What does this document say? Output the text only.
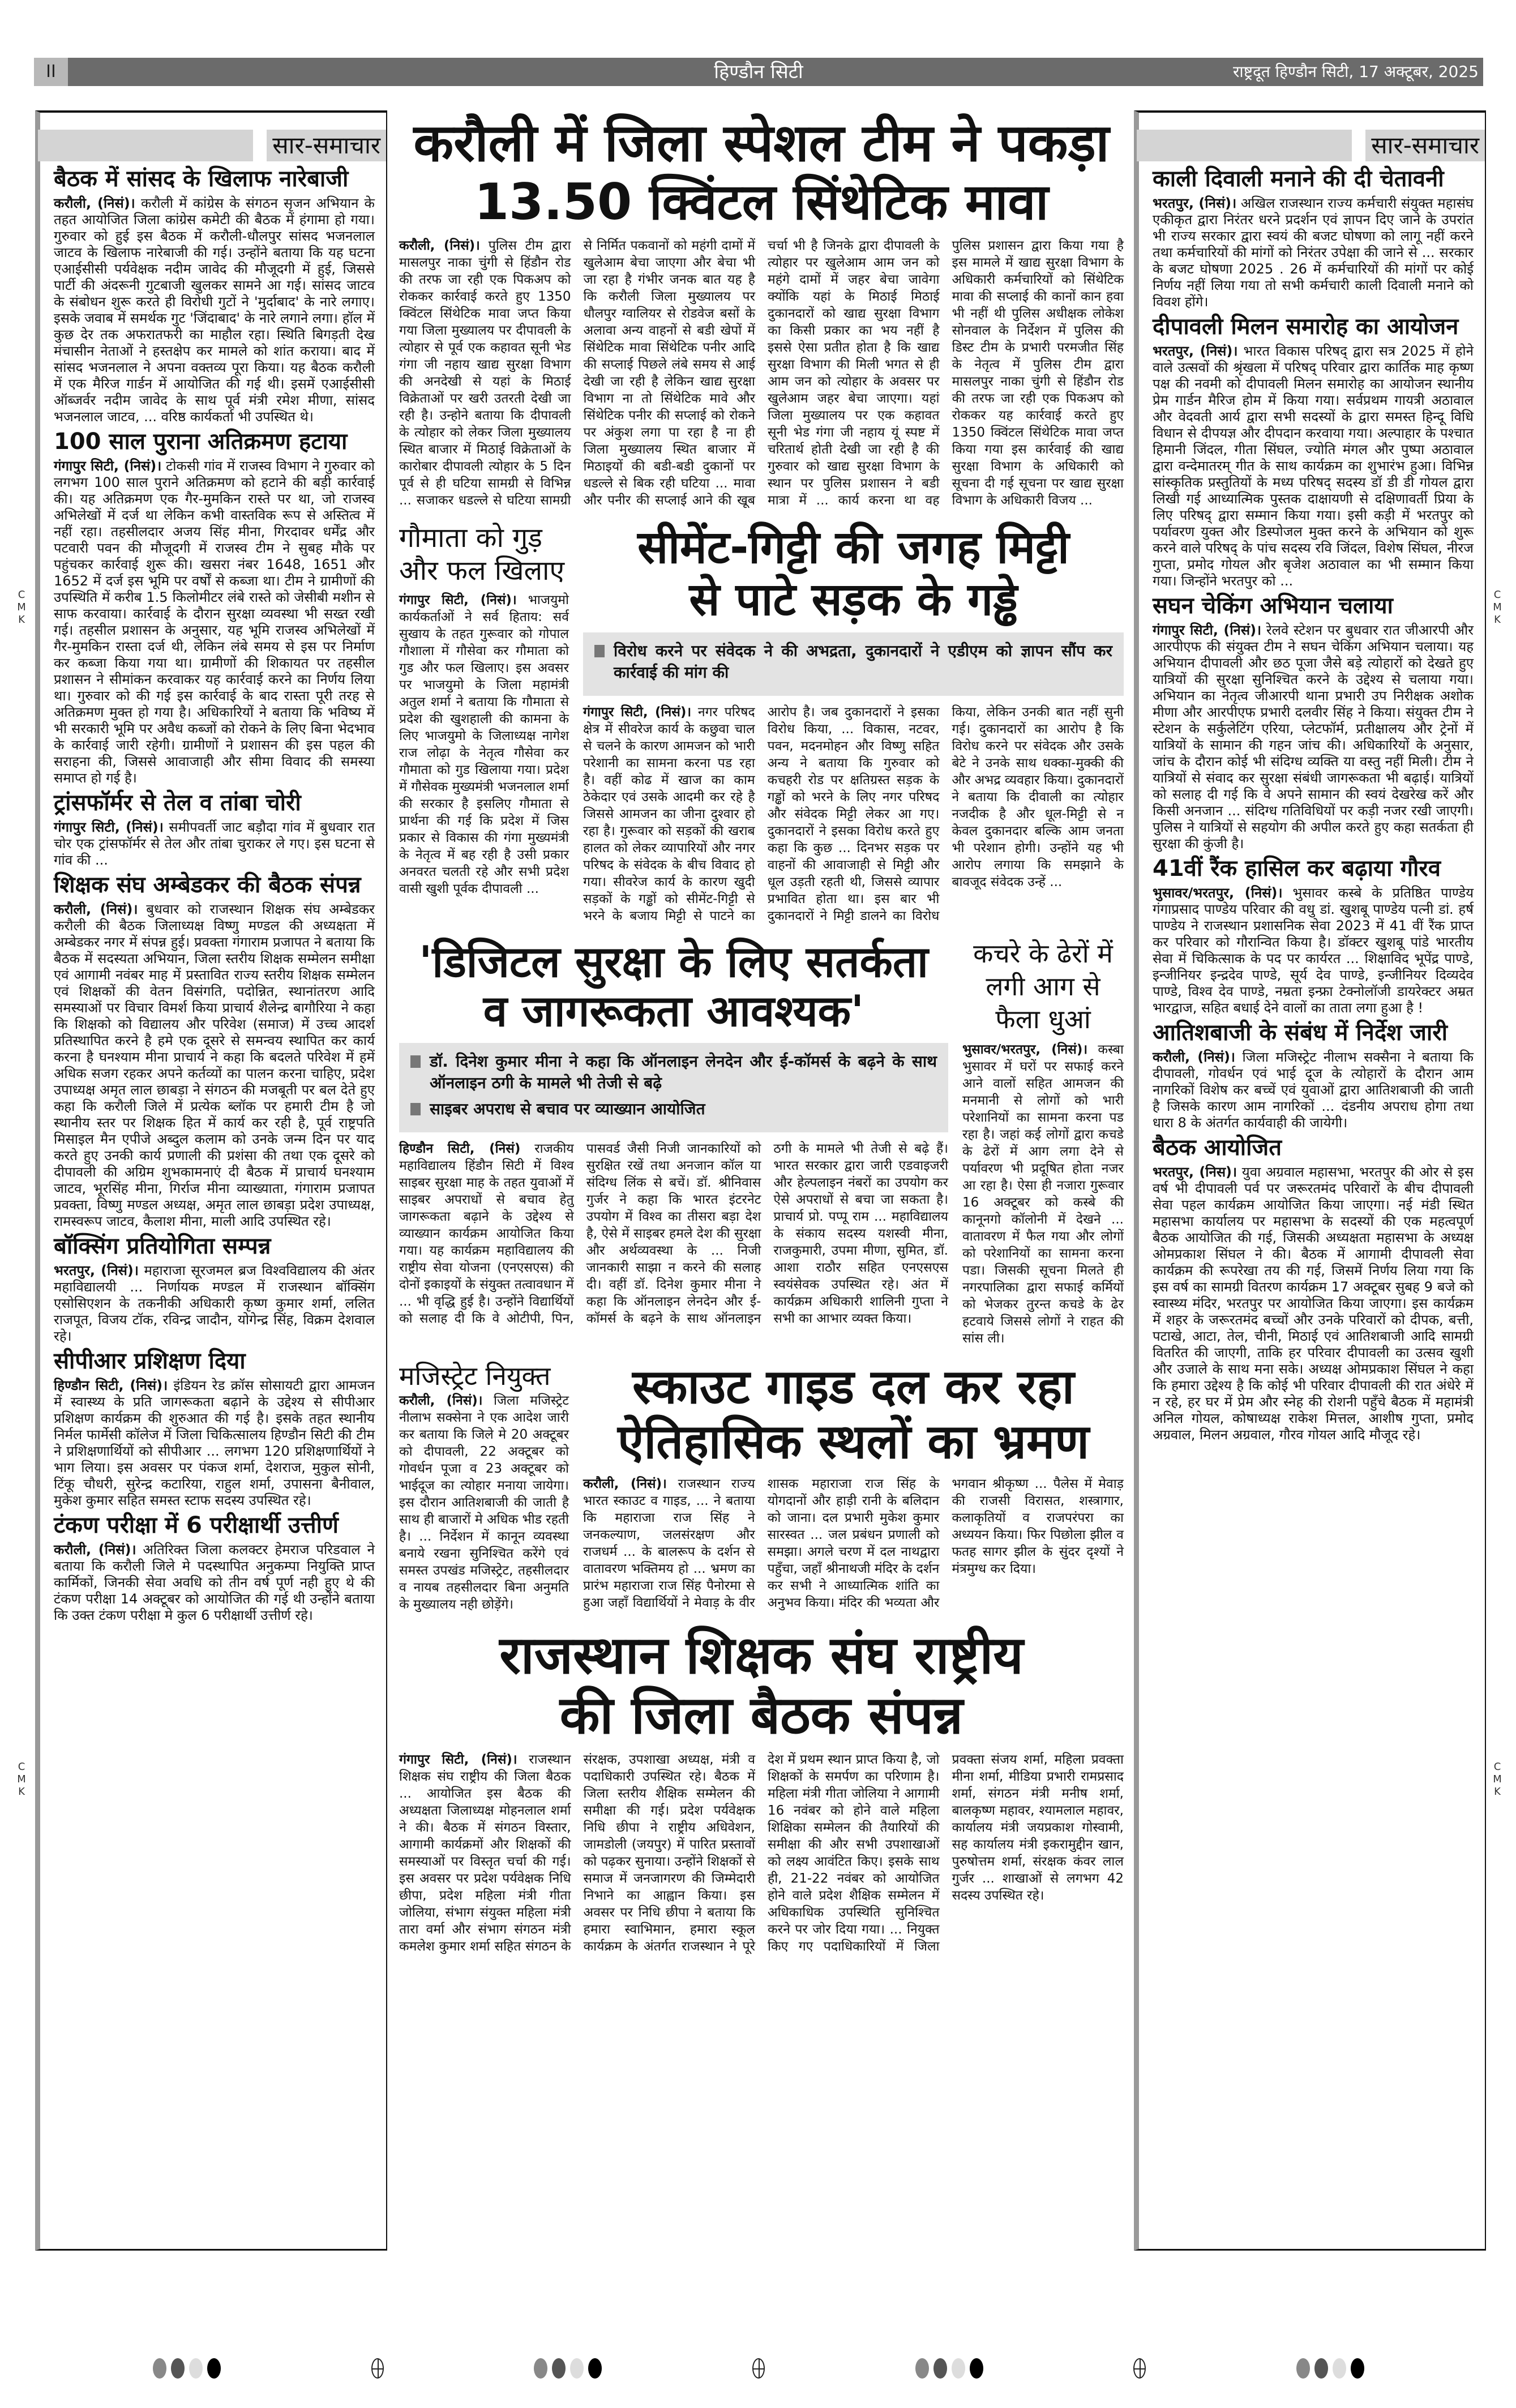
II	हिण्डौन सिटी	राष्ट्रदूत हिण्डौन सिटी, 17 अक्टूबर, 2025
सार-समाचार
बैठक में सांसद के खिलाफ नारेबाजी

करौली, (निसं)। करौली में कांग्रेस के संगठन सृजन अभियान के तहत आयोजित जिला कांग्रेस कमेटी की बैठक में हंगामा हो गया। गुरुवार को हुई इस बैठक में करौली-धौलपुर सांसद भजनलाल जाटव के खिलाफ नारेबाजी की गई। उन्होंने बताया कि यह घटना एआईसीसी पर्यवेक्षक नदीम जावेद की मौजूदगी में हुई, जिससे पार्टी की अंदरूनी गुटबाजी खुलकर सामने आ गई। सांसद जाटव के संबोधन शुरू करते ही विरोधी गुटों ने 'मुर्दाबाद' के नारे लगाए। इसके जवाब में समर्थक गुट 'जिंदाबाद' के नारे लगाने लगा। हॉल में कुछ देर तक अफरातफरी का माहौल रहा। स्थिति बिगड़ती देख मंचासीन नेताओं ने हस्तक्षेप कर मामले को शांत कराया। बाद में सांसद भजनलाल ने अपना वक्तव्य पूरा किया। यह बैठक करौली में एक मैरिज गार्डन में आयोजित की गई थी। इसमें एआईसीसी ऑब्जर्वर नदीम जावेद के साथ पूर्व मंत्री रमेश मीणा, सांसद भजनलाल जाटव, ... वरिष्ठ कार्यकर्ता भी उपस्थित थे।

100 साल पुराना अतिक्रमण हटाया

गंगापुर सिटी, (निसं)। टोकसी गांव में राजस्व विभाग ने गुरुवार को लगभग 100 साल पुराने अतिक्रमण को हटाने की बड़ी कार्रवाई की। यह अतिक्रमण एक गैर-मुमकिन रास्ते पर था, जो राजस्व अभिलेखों में दर्ज था लेकिन कभी वास्तविक रूप से अस्तित्व में नहीं रहा। तहसीलदार अजय सिंह मीना, गिरदावर धर्मेंद्र और पटवारी पवन की मौजूदगी में राजस्व टीम ने सुबह मौके पर पहुंचकर कार्रवाई शुरू की। खसरा नंबर 1648, 1651 और 1652 में दर्ज इस भूमि पर वर्षों से कब्जा था। टीम ने ग्रामीणों की उपस्थिति में करीब 1.5 किलोमीटर लंबे रास्ते को जेसीबी मशीन से साफ करवाया। कार्रवाई के दौरान सुरक्षा व्यवस्था भी सख्त रखी गई। तहसील प्रशासन के अनुसार, यह भूमि राजस्व अभिलेखों में गैर-मुमकिन रास्ता दर्ज थी, लेकिन लंबे समय से इस पर निर्माण कर कब्जा किया गया था। ग्रामीणों की शिकायत पर तहसील प्रशासन ने सीमांकन करवाकर यह कार्रवाई करने का निर्णय लिया था। गुरुवार को की गई इस कार्रवाई के बाद रास्ता पूरी तरह से अतिक्रमण मुक्त हो गया है। अधिकारियों ने बताया कि भविष्य में भी सरकारी भूमि पर अवैध कब्जों को रोकने के लिए बिना भेदभाव के कार्रवाई जारी रहेगी। ग्रामीणों ने प्रशासन की इस पहल की सराहना की, जिससे आवाजाही और सीमा विवाद की समस्या समाप्त हो गई है।

ट्रांसफॉर्मर से तेल व तांबा चोरी

गंगापुर सिटी, (निसं)। समीपवर्ती जाट बड़ौदा गांव में बुधवार रात चोर एक ट्रांसफॉर्मर से तेल और तांबा चुराकर ले गए। इस घटना से गांव की ...

शिक्षक संघ अम्बेडकर की बैठक संपन्न

करौली, (निसं)। बुधवार को राजस्थान शिक्षक संघ अम्बेडकर करौली की बैठक जिलाध्यक्ष विष्णु मण्डल की अध्यक्षता में अम्बेडकर नगर में संपन्न हुई। प्रवक्ता गंगाराम प्रजापत ने बताया कि बैठक में सदस्यता अभियान, जिला स्तरीय शिक्षक सम्मेलन समीक्षा एवं आगामी नवंबर माह में प्रस्तावित राज्य स्तरीय शिक्षक सम्मेलन एवं शिक्षकों की वेतन विसंगति, पदोन्नित, स्थानांतरण आदि समस्याओं पर विचार विमर्श किया प्राचार्य शैलेन्द्र बागौरिया ने कहा कि शिक्षको को विद्यालय और परिवेश (समाज) में उच्च आदर्श प्रतिस्थापित करने है हमे एक दूसरे से समन्वय स्थापित कर कार्य करना है घनश्याम मीना प्राचार्य ने कहा कि बदलते परिवेश में हमें अधिक सजग रहकर अपने कर्तव्यों का पालन करना चाहिए, प्रदेश उपाध्यक्ष अमृत लाल छाबड़ा ने संगठन की मजबूती पर बल देते हुए कहा कि करौली जिले में प्रत्येक ब्लॉक पर हमारी टीम है जो स्थानीय स्तर पर शिक्षक हित में कार्य कर रही है, पूर्व राष्ट्रपति मिसाइल मैन एपीजे अब्दुल कलाम को उनके जन्म दिन पर याद करते हुए उनकी कार्य प्रणाली की प्रशंसा की तथा एक दूसरे को दीपावली की अग्रिम शुभकामनाएं दी बैठक में प्राचार्य घनश्याम जाटव, भूरसिंह मीना, गिर्राज मीना व्याख्याता, गंगाराम प्रजापत प्रवक्ता, विष्णु मण्डल अध्यक्ष, अमृत लाल छाबड़ा प्रदेश उपाध्यक्ष, रामस्वरूप जाटव, कैलाश मीना, माली आदि उपस्थित रहे।

बॉक्सिंग प्रतियोगिता सम्पन्न

भरतपुर, (निसं)। महाराजा सूरजमल ब्रज विश्वविद्यालय की अंतर महाविद्यालयी ... निर्णायक मण्डल में राजस्थान बॉक्सिंग एसोसिएशन के तकनीकी अधिकारी कृष्ण कुमार शर्मा, ललित राजपूत, विजय टॉक, रविन्द्र जादौन, योगेन्द्र सिंह, विक्रम देशवाल रहे।

सीपीआर प्रशिक्षण दिया

हिण्डौन सिटी, (निसं)। इंडियन रेड क्रॉस सोसायटी द्वारा आमजन में स्वास्थ्य के प्रति जागरूकता बढ़ाने के उद्देश्य से सीपीआर प्रशिक्षण कार्यक्रम की शुरुआत की गई है। इसके तहत स्थानीय निर्मल फार्मेसी कॉलेज में जिला चिकित्सालय हिण्डौन सिटी की टीम ने प्रशिक्षणार्थियों को सीपीआर ... लगभग 120 प्रशिक्षणार्थियों ने भाग लिया। इस अवसर पर पंकज शर्मा, देशराज, मुकुल सोनी, टिंकू चौधरी, सुरेन्द्र कटारिया, राहुल शर्मा, उपासना बैनीवाल, मुकेश कुमार सहित समस्त स्टाफ सदस्य उपस्थित रहे।

टंकण परीक्षा में 6 परीक्षार्थी उत्तीर्ण

करौली, (निसं)। अतिरिक्त जिला कलक्टर हेमराज परिडवाल ने बताया कि करौली जिले मे पदस्थापित अनुकम्पा नियुक्ति प्राप्त कार्मिकों, जिनकी सेवा अवधि को तीन वर्ष पूर्ण नही हुए थे की टंकण परीक्षा 14 अक्टूबर को आयोजित की गई थी उन्होंने बताया कि उक्त टंकण परीक्षा मे कुल 6 परीक्षार्थी उत्तीर्ण रहे।

सार-समाचार
काली दिवाली मनाने की दी चेतावनी

भरतपुर, (निसं)। अखिल राजस्थान राज्य कर्मचारी संयुक्त महासंघ एकीकृत द्वारा निरंतर धरने प्रदर्शन एवं ज्ञापन दिए जाने के उपरांत भी राज्य सरकार द्वारा स्वयं की बजट घोषणा को लागू नहीं करने तथा कर्मचारियों की मांगों को निरंतर उपेक्षा की जाने से ... सरकार के बजट घोषणा 2025 . 26 में कर्मचारियों की मांगों पर कोई निर्णय नहीं लिया गया तो सभी कर्मचारी काली दिवाली मनाने को विवश होंगे।

दीपावली मिलन समारोह का आयोजन

भरतपुर, (निसं)। भारत विकास परिषद् द्वारा सत्र 2025 में होने वाले उत्सवों की श्रृंखला में परिषद् परिवार द्वारा कार्तिक माह कृष्ण पक्ष की नवमी को दीपावली मिलन समारोह का आयोजन स्थानीय प्रेम गार्डन मैरिज होम में किया गया। सर्वप्रथम गायत्री अठावाल और वेदवती आर्य द्वारा सभी सदस्यों के द्वारा समस्त हिन्दू विधि विधान से दीपयज्ञ और दीपदान करवाया गया। अल्पाहार के पश्चात हिमानी जिंदल, गीता सिंघल, ज्योति मंगल और पुष्पा अठावाल द्वारा वन्देमातरम् गीत के साथ कार्यक्रम का शुभारंभ हुआ। विभिन्न सांस्कृतिक प्रस्तुतियों के मध्य परिषद् सदस्य डॉ डी डी गोयल द्वारा लिखी गई आध्यात्मिक पुस्तक दाक्षायणी से दक्षिणावर्ती प्रिया के लिए परिषद् द्वारा सम्मान किया गया। इसी कड़ी में भरतपुर को पर्यावरण युक्त और डिस्पोजल मुक्त करने के अभियान को शुरू करने वाले परिषद् के पांच सदस्य रवि जिंदल, विशेष सिंघल, नीरज गुप्ता, प्रमोद गोयल और बृजेश अठावाल का भी सम्मान किया गया। जिन्होंने भरतपुर को ...

सघन चेकिंग अभियान चलाया

गंगापुर सिटी, (निसं)। रेलवे स्टेशन पर बुधवार रात जीआरपी और आरपीएफ की संयुक्त टीम ने सघन चेकिंग अभियान चलाया। यह अभियान दीपावली और छठ पूजा जैसे बड़े त्योहारों को देखते हुए यात्रियों की सुरक्षा सुनिश्चित करने के उद्देश्य से चलाया गया। अभियान का नेतृत्व जीआरपी थाना प्रभारी उप निरीक्षक अशोक मीणा और आरपीएफ प्रभारी दलवीर सिंह ने किया। संयुक्त टीम ने स्टेशन के सर्कुलेटिंग एरिया, प्लेटफॉर्म, प्रतीक्षालय और ट्रेनों में यात्रियों के सामान की गहन जांच की। अधिकारियों के अनुसार, जांच के दौरान कोई भी संदिग्ध व्यक्ति या वस्तु नहीं मिली। टीम ने यात्रियों से संवाद कर सुरक्षा संबंधी जागरूकता भी बढ़ाई। यात्रियों को सलाह दी गई कि वे अपने सामान की स्वयं देखरेख करें और किसी अनजान ... संदिग्ध गतिविधियों पर कड़ी नजर रखी जाएगी। पुलिस ने यात्रियों से सहयोग की अपील करते हुए कहा सतर्कता ही सुरक्षा की कुंजी है।

41वीं रैंक हासिल कर बढ़ाया गौरव

भुसावर/भरतपुर, (निसं)। भुसावर कस्बे के प्रतिष्ठित पाण्डेय गंगाप्रसाद पाण्डेय परिवार की वधु डां. खुशबू पाण्डेय पत्नी डां. हर्ष पाण्डेय ने राजस्थान प्रशासनिक सेवा 2023 में 41 वीं रैंक प्राप्त कर परिवार को गौरान्वित किया है। डॉक्टर खुशबू पांडे भारतीय सेवा में चिकित्साक के पद पर कार्यरत ... शिक्षाविद भूपेंद्र पाण्डे, इन्जीनियर इन्द्रदेव पाण्डे, सूर्य देव पाण्डे, इन्जीनियर दिव्यदेव पाण्डे, विश्व देव पाण्डे, नम्रता इन्फ्रा टेक्नोलॉजी डायरेक्टर अम्रत भारद्वाज, सहित बधाई देने वालों का ताता लगा हुआ है !

आतिशबाजी के संबंध में निर्देश जारी

करौली, (निसं)। जिला मजिस्ट्रेट नीलाभ सक्सैना ने बताया कि दीपावली, गोवर्धन एवं भाई दूज के त्योहारों के दौरान आम नागरिकों विशेष कर बच्चें एवं युवाओं द्वारा आतिशबाजी की जाती है जिसके कारण आम नागरिकों ... दंडनीय अपराध होगा तथा धारा 8 के अंतर्गत कार्यवाही की जायेगी।

बैठक आयोजित

भरतपुर, (निस)। युवा अग्रवाल महासभा, भरतपुर की ओर से इस वर्ष भी दीपावली पर्व पर जरूरतमंद परिवारों के बीच दीपावली सेवा पहल कार्यक्रम आयोजित किया जाएगा। नई मंडी स्थित महासभा कार्यालय पर महासभा के सदस्यों की एक महत्वपूर्ण बैठक आयोजित की गई, जिसकी अध्यक्षता महासभा के अध्यक्ष ओमप्रकाश सिंघल ने की। बैठक में आगामी दीपावली सेवा कार्यक्रम की रूपरेखा तय की गई, जिसमें निर्णय लिया गया कि इस वर्ष का सामग्री वितरण कार्यक्रम 17 अक्टूबर सुबह 9 बजे को स्वास्थ्य मंदिर, भरतपुर पर आयोजित किया जाएगा। इस कार्यक्रम में शहर के जरूरतमंद बच्चों और उनके परिवारों को दीपक, बत्ती, पटाखे, आटा, तेल, चीनी, मिठाई एवं आतिशबाजी आदि सामग्री वितरित की जाएगी, ताकि हर परिवार दीपावली का उत्सव खुशी और उजाले के साथ मना सके। अध्यक्ष ओमप्रकाश सिंघल ने कहा कि हमारा उद्देश्य है कि कोई भी परिवार दीपावली की रात अंधेरे में न रहे, हर घर में प्रेम और स्नेह की रोशनी पहुँचे बैठक में महामंत्री अनिल गोयल, कोषाध्यक्ष राकेश मित्तल, आशीष गुप्ता, प्रमोद अग्रवाल, मिलन अग्रवाल, गौरव गोयल आदि मौजूद रहे।

करौली में जिला स्पेशल टीम ने पकड़ा
13.50 क्विंटल सिंथेटिक मावा
करौली, (निसं)। पुलिस टीम द्वारा मासलपुर नाका चुंगी से हिंडौन रोड की तरफ जा रही एक पिकअप को रोककर कार्रवाई करते हुए 1350 क्विंटल सिंथेटिक मावा जप्त किया गया जिला मुख्यालय पर दीपावली के त्योहार से पूर्व एक कहावत सूनी भेड गंगा जी नहाय खाद्य सुरक्षा विभाग की अनदेखी से यहां के मिठाई विक्रेताओं पर खरी उतरती देखी जा रही है। उन्होने बताया कि दीपावली के त्योहार को लेकर जिला मुख्यालय स्थित बाजार में मिठाई विक्रेताओं के कारोबार दीपावली त्योहार के 5 दिन पूर्व से ही घटिया सामग्री से विभिन्न ... सजाकर धडल्ले से घटिया सामग्री से निर्मित पकवानों को महंगी दामों में खुलेआम बेचा जाएगा और बेचा भी जा रहा है गंभीर जनक बात यह है कि करौली जिला मुख्यालय पर धौलपुर ग्वालियर से रोडवेज बसों के अलावा अन्य वाहनों से बडी खेपों में सिंथेटिक मावा सिंथेटिक पनीर आदि की सप्लाई पिछले लंबे समय से आई देखी जा रही है लेकिन खाद्य सुरक्षा विभाग ना तो सिंथेटिक मावे और सिंथेटिक पनीर की सप्लाई को रोकने पर अंकुश लगा पा रहा है ना ही जिला मुख्यालय स्थित बाजार में मिठाइयों की बडी-बडी दुकानों पर धडल्ले से बिक रही घटिया ... मावा और पनीर की सप्लाई आने की खूब चर्चा भी है जिनके द्वारा दीपावली के त्योहार पर खुलेआम आम जन को महंगे दामों में जहर बेचा जावेगा क्योंकि यहां के मिठाई मिठाई दुकानदारों को खाद्य सुरक्षा विभाग का किसी प्रकार का भय नहीं है इससे ऐसा प्रतीत होता है कि खाद्य सुरक्षा विभाग की मिली भगत से ही आम जन को त्योहार के अवसर पर खुलेआम जहर बेचा जाएगा। यहां जिला मुख्यालय पर एक कहावत सूनी भेड गंगा जी नहाय यूं स्पष्ट में चरितार्थ होती देखी जा रही है की गुरुवार को खाद्य सुरक्षा विभाग के स्थान पर पुलिस प्रशासन ने बडी मात्रा में ... कार्य करना था वह पुलिस प्रशासन द्वारा किया गया है इस मामले में खाद्य सुरक्षा विभाग के अधिकारी कर्मचारियों को सिंथेटिक मावा की सप्लाई की कानों कान हवा भी नहीं थी पुलिस अधीक्षक लोकेश सोनवाल के निर्देशन में पुलिस की डिस्ट टीम के प्रभारी परमजीत सिंह के नेतृत्व में पुलिस टीम द्वारा मासलपुर नाका चुंगी से हिंडौन रोड की तरफ जा रही एक पिकअप को रोककर यह कार्रवाई करते हुए 1350 क्विंटल सिंथेटिक मावा जप्त किया गया इस कार्रवाई की खाद्य सुरक्षा विभाग के अधिकारी को सूचना दी गई सूचना पर खाद्य सुरक्षा विभाग के अधिकारी विजय ...
गौमाता को गुड़ और फल खिलाए
गंगापुर सिटी, (निसं)। भाजयुमो कार्यकर्ताओं ने सर्व हिताय: सर्व सुखाय के तहत गुरूवार को गोपाल गौशाला में गौसेवा कर गौमाता को गुड और फल खिलाए। इस अवसर पर भाजयुमो के जिला महामंत्री अतुल शर्मा ने बताया कि गौमाता से प्रदेश की खुशहाली की कामना के लिए भाजयुमो के जिलाध्यक्ष नागेश राज लोढ़ा के नेतृत्व गौसेवा कर गौमाता को गुड खिलाया गया। प्रदेश में गौसेवक मुख्यमंत्री भजनलाल शर्मा की सरकार है इसलिए गौमाता से प्रार्थना की गई कि प्रदेश में जिस प्रकार से विकास की गंगा मुख्यमंत्री के नेतृत्व में बह रही है उसी प्रकार अनवरत चलती रहे और सभी प्रदेश वासी खुशी पूर्वक दीपावली ...
सीमेंट-गिट्टी की जगह मिट्टी
से पाटे सड़क के गड्ढे
विरोध करने पर संवेदक ने की अभद्रता, दुकानदारों ने एडीएम को ज्ञापन सौंप कर कार्रवाई की मांग की
गंगापुर सिटी, (निसं)। नगर परिषद क्षेत्र में सीवरेज कार्य के कछुवा चाल से चलने के कारण आमजन को भारी परेशानी का सामना करना पड रहा है। वहीं कोढ में खाज का काम ठेकेदार एवं उसके आदमी कर रहे है जिससे आमजन का जीना दुश्वार हो रहा है। गुरूवार को सड़कों की खराब हालत को लेकर व्यापारियों और नगर परिषद के संवेदक के बीच विवाद हो गया। सीवरेज कार्य के कारण खुदी सड़कों के गड्ढों को सीमेंट-गिट्टी से भरने के बजाय मिट्टी से पाटने का आरोप है। जब दुकानदारों ने इसका विरोध किया, ... विकास, नटवर, पवन, मदनमोहन और विष्णु सहित अन्य ने बताया कि गुरुवार को कचहरी रोड पर क्षतिग्रस्त सड़क के गड्ढों को भरने के लिए नगर परिषद और संवेदक मिट्टी लेकर आ गए। दुकानदारों ने इसका विरोध करते हुए कहा कि कुछ ... दिनभर सड़क पर वाहनों की आवाजाही से मिट्टी और धूल उड़ती रहती थी, जिससे व्यापार प्रभावित होता था। इस बार भी दुकानदारों ने मिट्टी डालने का विरोध किया, लेकिन उनकी बात नहीं सुनी गई। दुकानदारों का आरोप है कि विरोध करने पर संवेदक और उसके बेटे ने उनके साथ धक्का-मुक्की की और अभद्र व्यवहार किया। दुकानदारों ने बताया कि दीवाली का त्योहार नजदीक है और धूल-मिट्टी से न केवल दुकानदार बल्कि आम जनता भी परेशान होगी। उन्होंने यह भी आरोप लगाया कि समझाने के बावजूद संवेदक उन्हें ...
'डिजिटल सुरक्षा के लिए सतर्कता
व जागरूकता आवश्यक'
डॉ. दिनेश कुमार मीना ने कहा कि ऑनलाइन लेनदेन और ई-कॉमर्स के बढ़ने के साथ ऑनलाइन ठगी के मामले भी तेजी से बढ़े
साइबर अपराध से बचाव पर व्याख्यान आयोजित
हिण्डौन सिटी, (निसं) राजकीय महाविद्यालय हिंडौन सिटी में विश्व साइबर सुरक्षा माह के तहत युवाओं में साइबर अपराधों से बचाव हेतु जागरूकता बढ़ाने के उद्देश्य से व्याख्यान कार्यक्रम आयोजित किया गया। यह कार्यक्रम महाविद्यालय की राष्ट्रीय सेवा योजना (एनएसएस) की दोनों इकाइयों के संयुक्त तत्वावधान में ... भी वृद्धि हुई है। उन्होंने विद्यार्थियों को सलाह दी कि वे ओटीपी, पिन, पासवर्ड जैसी निजी जानकारियों को सुरक्षित रखें तथा अनजान कॉल या संदिग्ध लिंक से बचें। डॉ. श्रीनिवास गुर्जर ने कहा कि भारत इंटरनेट उपयोग में विश्व का तीसरा बड़ा देश है, ऐसे में साइबर हमले देश की सुरक्षा और अर्थव्यवस्था के ... निजी जानकारी साझा न करने की सलाह दी। वहीं डॉ. दिनेश कुमार मीना ने कहा कि ऑनलाइन लेनदेन और ई-कॉमर्स के बढ़ने के साथ ऑनलाइन ठगी के मामले भी तेजी से बढ़े हैं। भारत सरकार द्वारा जारी एडवाइजरी और हेल्पलाइन नंबरों का उपयोग कर ऐसे अपराधों से बचा जा सकता है। प्राचार्य प्रो. पप्पू राम ... महाविद्यालय के संकाय सदस्य यशस्वी मीना, राजकुमारी, उपमा मीणा, सुमित, डॉ. आशा राठौर सहित एनएसएस स्वयंसेवक उपस्थित रहे। अंत में कार्यक्रम अधिकारी शालिनी गुप्ता ने सभी का आभार व्यक्त किया।
कचरे के ढेरों में लगी आग से फैला धुआं
भुसावर/भरतपुर, (निसं)। कस्बा भुसावर में घरों पर सफाई करने आने वालों सहित आमजन की मनमानी से लोगों को भारी परेशानियों का सामना करना पड रहा है। जहां कई लोगों द्वारा कचडे के ढेरों में आग लगा देने से पर्यावरण भी प्रदूषित होता नजर आ रहा है। ऐसा ही नजारा गुरूवार 16 अक्टूबर को कस्बे की कानूनगो कॉलोनी में देखने ... वातावरण में फैल गया और लोगों को परेशानियों का सामना करना पडा। जिसकी सूचना मिलते ही नगरपालिका द्वारा सफाई कर्मियों को भेजकर तुरन्त कचडे के ढेर हटवाये जिससे लोगों ने राहत की सांस ली।
मजिस्ट्रेट नियुक्त
करौली, (निसं)। जिला मजिस्ट्रेट नीलाभ सक्सेना ने एक आदेश जारी कर बताया कि जिले मे 20 अक्टूबर को दीपावली, 22 अक्टूबर को गोवर्धन पूजा व 23 अक्टूबर को भाईदूज का त्योहार मनाया जायेगा। इस दौरान आतिशबाजी की जाती है साथ ही बाजारों मे अधिक भीड रहती है। ... निर्देशन में कानून व्यवस्था बनाये रखना सुनिश्चित करेंगे एवं समस्त उपखंड मजिस्ट्रेट, तहसीलदार व नायब तहसीलदार बिना अनुमति के मुख्यालय नही छोड़ेंगे।
स्काउट गाइड दल कर रहा
ऐतिहासिक स्थलों का भ्रमण
करौली, (निसं)। राजस्थान राज्य भारत स्काउट व गाइड, ... ने बताया कि महाराजा राज सिंह ने जनकल्याण, जलसंरक्षण और राजधर्म ... के बालरूप के दर्शन से वातावरण भक्तिमय हो ... भ्रमण का प्रारंभ महाराजा राज सिंह पैनोरमा से हुआ जहाँ विद्यार्थियों ने मेवाड़ के वीर शासक महाराजा राज सिंह के योगदानों और हाड़ी रानी के बलिदान को जाना। दल प्रभारी मुकेश कुमार सारस्वत ... जल प्रबंधन प्रणाली को समझा। अगले चरण में दल नाथद्वारा पहुँचा, जहाँ श्रीनाथजी मंदिर के दर्शन कर सभी ने आध्यात्मिक शांति का अनुभव किया। मंदिर की भव्यता और भगवान श्रीकृष्ण ... पैलेस में मेवाड़ की राजसी विरासत, शस्त्रागार, कलाकृतियों व राजपरंपरा का अध्ययन किया। फिर पिछोला झील व फतह सागर झील के सुंदर दृश्यों ने मंत्रमुग्ध कर दिया।
राजस्थान शिक्षक संघ राष्ट्रीय
की जिला बैठक संपन्न
गंगापुर सिटी, (निसं)। राजस्थान शिक्षक संघ राष्ट्रीय की जिला बैठक ... आयोजित इस बैठक की अध्यक्षता जिलाध्यक्ष मोहनलाल शर्मा ने की। बैठक में संगठन विस्तार, आगामी कार्यक्रमों और शिक्षकों की समस्याओं पर विस्तृत चर्चा की गई। इस अवसर पर प्रदेश पर्यवेक्षक निधि छीपा, प्रदेश महिला मंत्री गीता जोलिया, संभाग संयुक्त महिला मंत्री तारा वर्मा और संभाग संगठन मंत्री कमलेश कुमार शर्मा सहित संगठन के संरक्षक, उपशाखा अध्यक्ष, मंत्री व पदाधिकारी उपस्थित रहे। बैठक में जिला स्तरीय शैक्षिक सम्मेलन की समीक्षा की गई। प्रदेश पर्यवेक्षक निधि छीपा ने राष्ट्रीय अधिवेशन, जामडोली (जयपुर) में पारित प्रस्तावों को पढ़कर सुनाया। उन्होंने शिक्षकों से समाज में जनजागरण की जिम्मेदारी निभाने का आह्वान किया। इस अवसर पर निधि छीपा ने बताया कि हमारा स्वाभिमान, हमारा स्कूल कार्यक्रम के अंतर्गत राजस्थान ने पूरे देश में प्रथम स्थान प्राप्त किया है, जो शिक्षकों के समर्पण का परिणाम है। महिला मंत्री गीता जोलिया ने आगामी 16 नवंबर को होने वाले महिला शिक्षिका सम्मेलन की तैयारियों की समीक्षा की और सभी उपशाखाओं को लक्ष्य आवंटित किए। इसके साथ ही, 21-22 नवंबर को आयोजित होने वाले प्रदेश शैक्षिक सम्मेलन में अधिकाधिक उपस्थिति सुनिश्चित करने पर जोर दिया गया। ... नियुक्त किए गए पदाधिकारियों में जिला प्रवक्ता संजय शर्मा, महिला प्रवक्ता मीना शर्मा, मीडिया प्रभारी रामप्रसाद शर्मा, संगठन मंत्री मनीष शर्मा, बालकृष्ण महावर, श्यामलाल महावर, कार्यालय मंत्री जयप्रकाश गोस्वामी, सह कार्यालय मंत्री इकरामुद्दीन खान, पुरुषोत्तम शर्मा, संरक्षक कंवर लाल गुर्जर ... शाखाओं से लगभग 42 सदस्य उपस्थित रहे।
C
M
K
C
M
K
C
M
K
C
M
K
